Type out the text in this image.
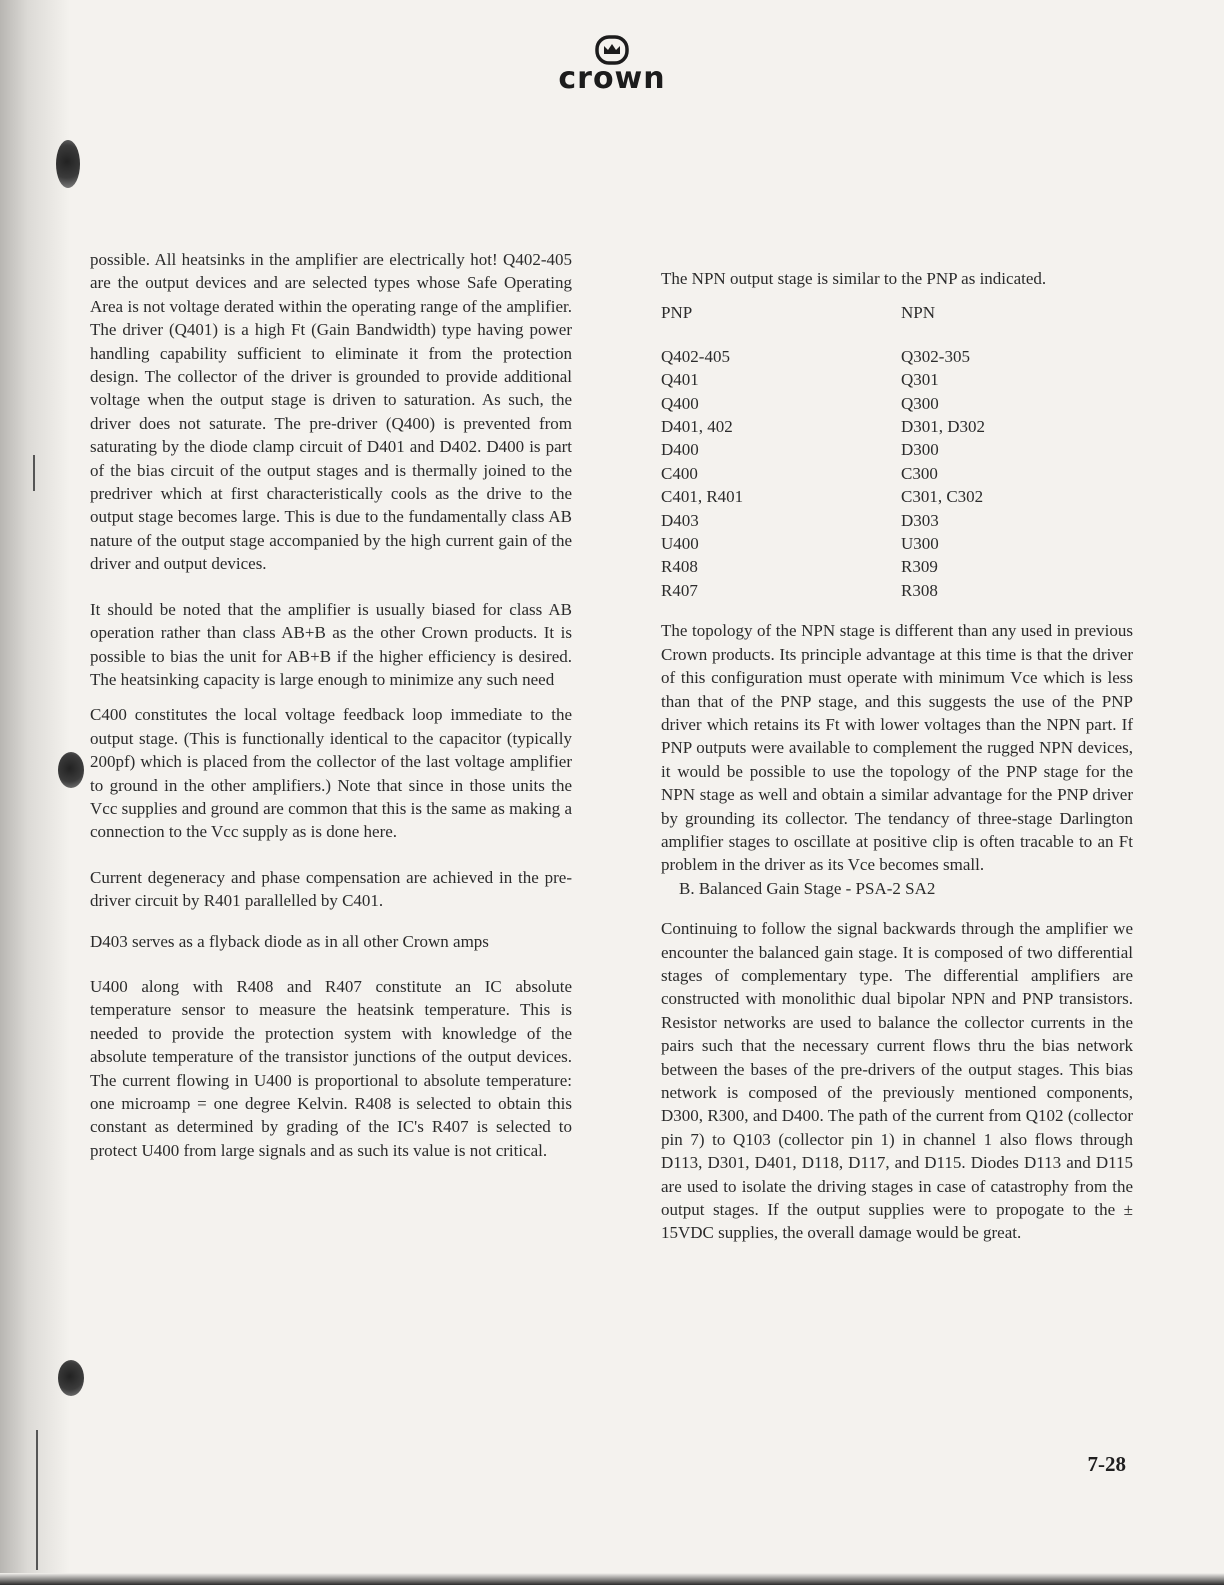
crown

possible. All heatsinks in the amplifier are electrically hot! Q402-405 are the output devices and are selected types whose Safe Operating Area is not voltage derated within the operating range of the amplifier. The driver (Q401) is a high Ft (Gain Bandwidth) type having power handling capability sufficient to eliminate it from the protection design. The collector of the driver is grounded to provide additional voltage when the output stage is driven to saturation. As such, the driver does not saturate. The pre-driver (Q400) is prevented from saturating by the diode clamp circuit of D401 and D402. D400 is part of the bias circuit of the output stages and is thermally joined to the predriver which at first characteristically cools as the drive to the output stage becomes large. This is due to the fundamentally class AB nature of the output stage accompanied by the high current gain of the driver and output devices.

It should be noted that the amplifier is usually biased for class AB operation rather than class AB+B as the other Crown products. It is possible to bias the unit for AB+B if the higher efficiency is desired. The heatsinking capacity is large enough to minimize any such need

C400 constitutes the local voltage feedback loop immediate to the output stage. (This is functionally identical to the capacitor (typically 200pf) which is placed from the collector of the last voltage amplifier to ground in the other amplifiers.) Note that since in those units the Vcc supplies and ground are common that this is the same as making a connection to the Vcc supply as is done here.

Current degeneracy and phase compensation are achieved in the pre-driver circuit by R401 parallelled by C401.

D403 serves as a flyback diode as in all other Crown amps

U400 along with R408 and R407 constitute an IC absolute temperature sensor to measure the heatsink temperature. This is needed to provide the protection system with knowledge of the absolute temperature of the transistor junctions of the output devices. The current flowing in U400 is proportional to absolute temperature: one microamp = one degree Kelvin. R408 is selected to obtain this constant as determined by grading of the IC's R407 is selected to protect U400 from large signals and as such its value is not critical.

The NPN output stage is similar to the PNP as indicated.

PNP	NPN
Q402-405	Q302-305
Q401	Q301
Q400	Q300
D401, 402	D301, D302
D400	D300
C400	C300
C401, R401	C301, C302
D403	D303
U400	U300
R408	R309
R407	R308

The topology of the NPN stage is different than any used in previous Crown products. Its principle advantage at this time is that the driver of this configuration must operate with minimum Vce which is less than that of the PNP stage, and this suggests the use of the PNP driver which retains its Ft with lower voltages than the NPN part. If PNP outputs were available to complement the rugged NPN devices, it would be possible to use the topology of the PNP stage for the NPN stage as well and obtain a similar advantage for the PNP driver by grounding its collector. The tendancy of three-stage Darlington amplifier stages to oscillate at positive clip is often tracable to an Ft problem in the driver as its Vce becomes small.

B. Balanced Gain Stage - PSA-2 SA2

Continuing to follow the signal backwards through the amplifier we encounter the balanced gain stage. It is composed of two differential stages of complementary type. The differential amplifiers are constructed with monolithic dual bipolar NPN and PNP transistors. Resistor networks are used to balance the collector currents in the pairs such that the necessary current flows thru the bias network between the bases of the pre-drivers of the output stages. This bias network is composed of the previously mentioned components, D300, R300, and D400. The path of the current from Q102 (collector pin 7) to Q103 (collector pin 1) in channel 1 also flows through D113, D301, D401, D118, D117, and D115. Diodes D113 and D115 are used to isolate the driving stages in case of catastrophy from the output stages. If the output supplies were to propogate to the ± 15VDC supplies, the overall damage would be great.

7-28
